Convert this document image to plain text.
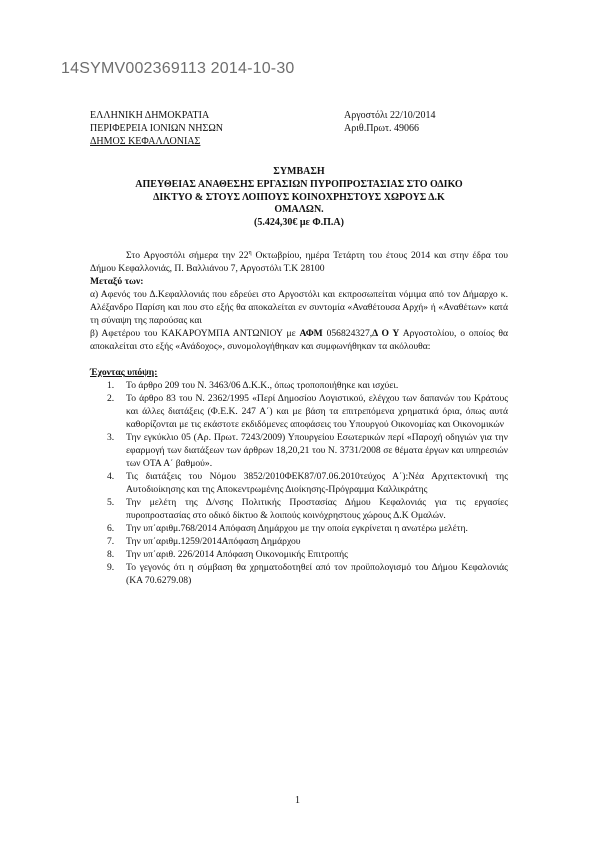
14SYMV002369113 2014-10-30
ΕΛΛΗΝΙΚΗ ΔΗΜΟΚΡΑΤΙΑ
ΠΕΡΙΦΕΡΕΙΑ ΙΟΝΙΩΝ ΝΗΣΩΝ
ΔΗΜΟΣ ΚΕΦΑΛΛΟΝΙΑΣ
Αργοστόλι 22/10/2014
Αριθ.Πρωτ. 49066
ΣΥΜΒΑΣΗ
ΑΠΕΥΘΕΙΑΣ ΑΝΑΘΕΣΗΣ ΕΡΓΑΣΙΩΝ ΠΥΡΟΠΡΟΣΤΑΣΙΑΣ ΣΤΟ ΟΔΙΚΟ
ΔΙΚΤΥΟ & ΣΤΟΥΣ ΛΟΙΠΟΥΣ ΚΟΙΝΟΧΡΗΣΤΟΥΣ ΧΩΡΟΥΣ Δ.Κ
ΟΜΑΛΩΝ.
(5.424,30€ με Φ.Π.Α)

Στο Αργοστόλι σήμερα την $22^\eta$ Οκτωβρίου, ημέρα Τετάρτη του έτους 2014 και στην έδρα του Δήμου Κεφαλλονιάς, Π. Βαλλιάνου 7, Αργοστόλι Τ.Κ 28100

Μεταξύ των:

α) Αφενός του Δ.Κεφαλλονιάς που εδρεύει στο Αργοστόλι και εκπροσωπείται νόμιμα από τον Δήμαρχο κ. Αλέξανδρο Παρίση και που στο εξής θα αποκαλείται εν συντομία «Αναθέτουσα Αρχή» ή «Αναθέτων» κατά τη σύναψη της παρούσας και

β) Αφετέρου του ΚΑΚΑΡΟΥΜΠΑ ΑΝΤΩΝΙΟΥ με ΑΦΜ 056824327,Δ Ο Υ Αργοστολίου, ο οποίος θα αποκαλείται στο εξής «Ανάδοχος», συνομολογήθηκαν και συμφωνήθηκαν τα ακόλουθα:

Έχοντας υπόψη:

1. Το άρθρο 209 του Ν. 3463/06 Δ.Κ.Κ., όπως τροποποιήθηκε και ισχύει.
2. Το άρθρο 83 του Ν. 2362/1995 «Περί Δημοσίου Λογιστικού, ελέγχου των δαπανών του Κράτους και άλλες διατάξεις (Φ.Ε.Κ. 247 Α΄) και με βάση τα επιτρεπόμενα χρηματικά όρια, όπως αυτά καθορίζονται με τις εκάστοτε εκδιδόμενες αποφάσεις του Υπουργού Οικονομίας και Οικονομικών
3. Την εγκύκλιο 05 (Αρ. Πρωτ. 7243/2009) Υπουργείου Εσωτερικών περί «Παροχή οδηγιών για την εφαρμογή των διατάξεων των άρθρων 18,20,21 του Ν. 3731/2008 σε θέματα έργων και υπηρεσιών των ΟΤΑ Α΄ βαθμού».
4. Τις διατάξεις του Νόμου 3852/2010ΦΕΚ87/07.06.2010τεύχος Α΄):Νέα Αρχιτεκτονική της Αυτοδιοίκησης και της Αποκεντρωμένης Διοίκησης-Πρόγραμμα Καλλικράτης
5. Την μελέτη της Δ/νσης Πολιτικής Προστασίας Δήμου Κεφαλονιάς για τις εργασίες πυροπροστασίας στο οδικό δίκτυο & λοιπούς κοινόχρηστους χώρους Δ.Κ Ομαλών.
6. Την υπ΄αριθμ.768/2014 Απόφαση Δημάρχου με την οποία εγκρίνεται η ανωτέρω μελέτη.
7. Την υπ΄αριθμ.1259/2014Απόφαση Δημάρχου
8. Την υπ΄αριθ. 226/2014 Απόφαση Οικονομικής Επιτροπής
9. Το γεγονός ότι η σύμβαση θα χρηματοδοτηθεί από τον προϋπολογισμό του Δήμου Κεφαλονιάς (ΚΑ 70.6279.08)
1
